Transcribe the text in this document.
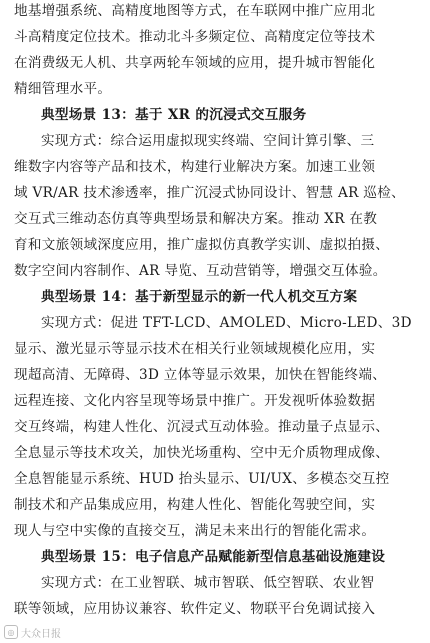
地基增强系统、高精度地图等方式，在车联网中推广应用北
斗高精度定位技术。推动北斗多频定位、高精度定位等技术
在消费级无人机、共享两轮车领域的应用，提升城市智能化
精细管理水平。
典型场景 13：基于 XR 的沉浸式交互服务
实现方式：综合运用虚拟现实终端、空间计算引擎、三
维数字内容等产品和技术，构建行业解决方案。加速工业领
域 VR/AR 技术渗透率，推广沉浸式协同设计、智慧 AR 巡检、
交互式三维动态仿真等典型场景和解决方案。推动 XR 在教
育和文旅领域深度应用，推广虚拟仿真教学实训、虚拟拍摄、
数字空间内容制作、AR 导览、互动营销等，增强交互体验。
典型场景 14：基于新型显示的新一代人机交互方案
实现方式：促进 TFT-LCD、AMOLED、Micro-LED、3D
显示、激光显示等显示技术在相关行业领域规模化应用，实
现超高清、无障碍、3D 立体等显示效果，加快在智能终端、
远程连接、文化内容呈现等场景中推广。开发视听体验数据
交互终端，构建人性化、沉浸式互动体验。推动量子点显示、
全息显示等技术攻关，加快光场重构、空中无介质物理成像、
全息智能显示系统、HUD 抬头显示、UI/UX、多模态交互控
制技术和产品集成应用，构建人性化、智能化驾驶空间，实
现人与空中实像的直接交互，满足未来出行的智能化需求。
典型场景 15：电子信息产品赋能新型信息基础设施建设
实现方式：在工业智联、城市智联、低空智联、农业智
联等领域，应用协议兼容、软件定义、物联平台免调试接入
◎ 大众日报
